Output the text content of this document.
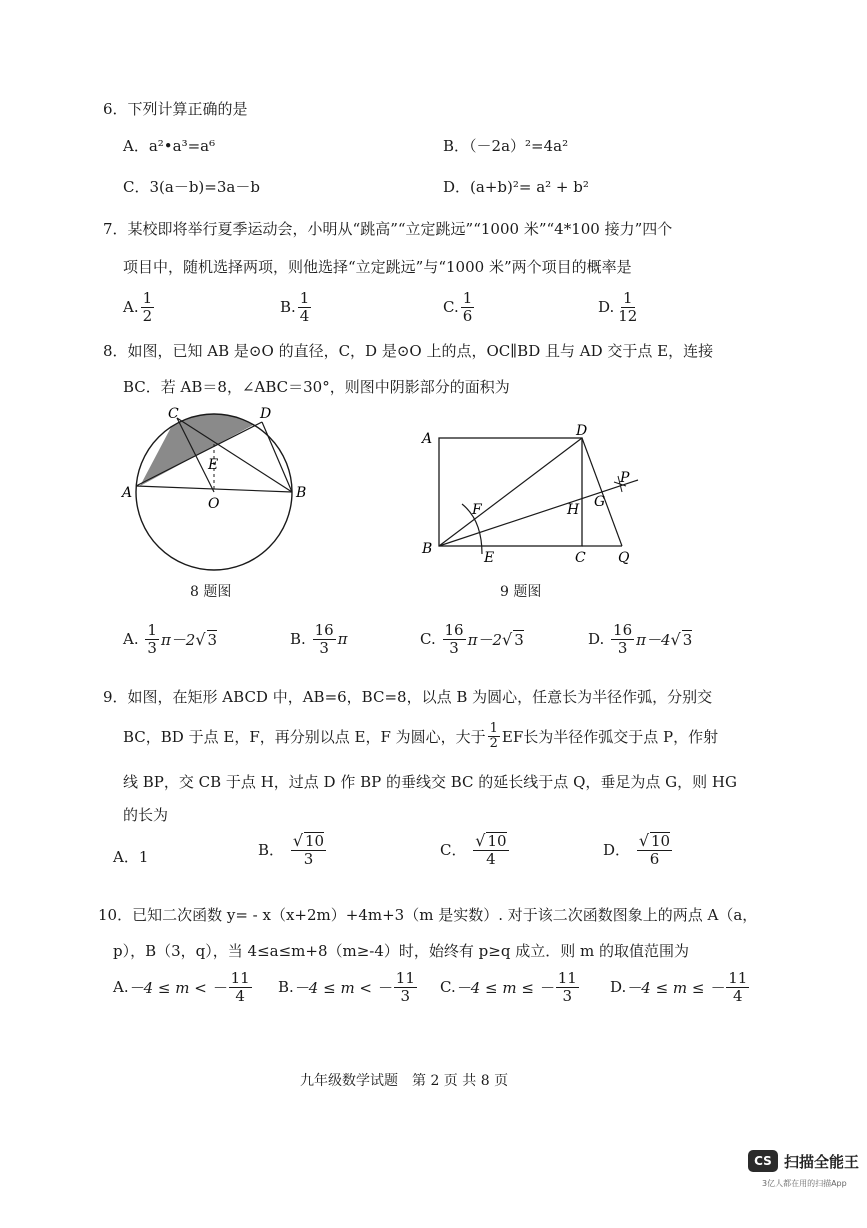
6．下列计算正确的是
A．a²•a³=a⁶	B．（－2a）²=4a²
C．3(a－b)=3a－b	D．(a+b)²= a² + b²
7．某校即将举行夏季运动会，小明从“跳高”“立定跳远”“1000 米”“4*100 接力”四个
项目中，随机选择两项，则他选择“立定跳远”与“1000 米”两个项目的概率是
A. $\frac{1}{2}$	B. $\frac{1}{4}$	C. $\frac{1}{6}$	D. $\frac{1}{12}$
8．如图，已知 AB 是⊙O 的直径，C，D 是⊙O 上的点，OC∥BD 且与 AD 交于点 E，连接
BC．若 AB＝8，∠ABC＝30°，则图中阴影部分的面积为
A	B
C	D
E
O
8 题图
A
B
C
D
E
F	G
H
P
Q
9 题图
A.
$\frac{1}{3} \pi-2$ √ 3	B.
$\frac{16}{3}$ π	C.
$\frac{16}{3} \pi-2$ √ 3	D.
$\frac{16}{3} \pi-4$ √ 3
9．如图，在矩形 ABCD 中，AB=6，BC=8，以点 B 为圆心，任意长为半径作弧，分别交
BC，BD 于点 E，F，再分别以点 E，F 为圆心，大于 $\frac{1}{2}$ EF长为半径作弧交于点 P，作射
线 BP，交 CB 于点 H，过点 D 作 BP 的垂线交 BC 的延长线于点 Q，垂足为点 G，则 HG
的长为
A．1	B．
$\frac{√ 10}{3}$	C．
$\frac{√ 10}{4}$	D．
$\frac{√ 10}{6}$
10．已知二次函数 y= ‐ x（x+2m）+4m+3（m 是实数）. 对于该二次函数图象上的两点 A（a，
p），B（3，q），当 4≤a≤m+8（m≥‐4）时，始终有 p≥q 成立．则 m 的取值范围为
A. －4 ≤ m < － $\frac{11}{4} B$. －4 ≤ m < － $\frac{11}{3} C$. －4 ≤ m ≤ － $\frac{11}{3} D$. －4 ≤ m ≤ － $\frac{11}{4}$
九年级数学试题　第 2 页 共 8 页
CS 扫描全能王
3亿人都在用的扫描App
